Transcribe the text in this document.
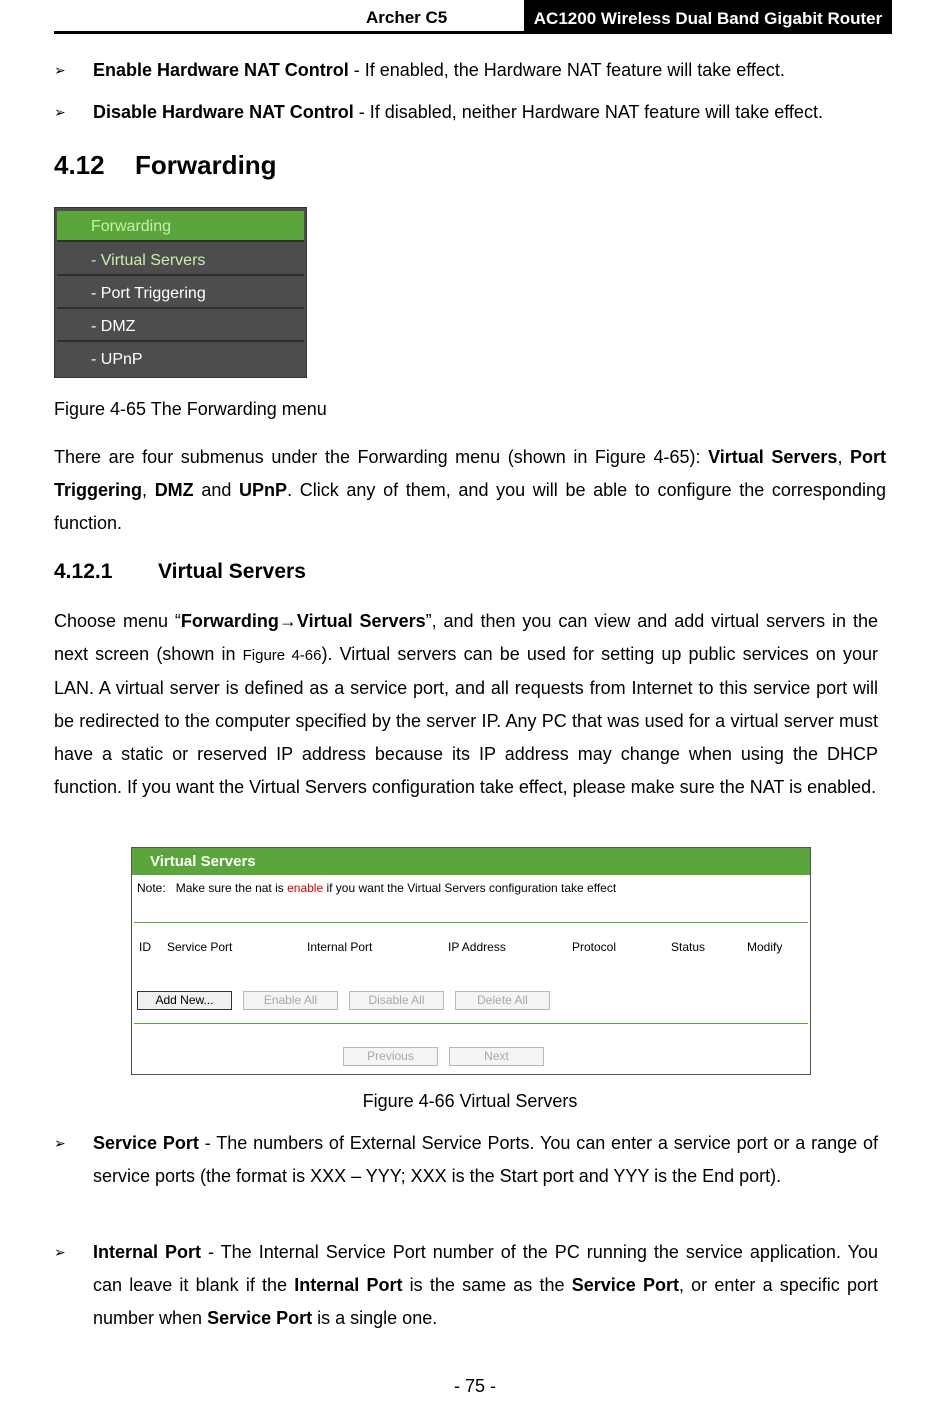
Archer C5	AC1200 Wireless Dual Band Gigabit Router
➢ Enable Hardware NAT Control - If enabled, the Hardware NAT feature will take effect.
➢ Disable Hardware NAT Control - If disabled, neither Hardware NAT feature will take effect.
4.12 Forwarding
Forwarding
- Virtual Servers
- Port Triggering
- DMZ
- UPnP
Figure 4-65 The Forwarding menu
There are four submenus under the Forwarding menu (shown in Figure 4-65): Virtual Servers, Port Triggering, DMZ and UPnP. Click any of them, and you will be able to configure the corresponding function.
4.12.1 Virtual Servers
Choose menu “Forwarding→Virtual Servers”, and then you can view and add virtual servers in the next screen (shown in Figure 4-66). Virtual servers can be used for setting up public services on your LAN. A virtual server is defined as a service port, and all requests from Internet to this service port will be redirected to the computer specified by the server IP. Any PC that was used for a virtual server must have a static or reserved IP address because its IP address may change when using the DHCP function. If you want the Virtual Servers configuration take effect, please make sure the NAT is enabled.
Virtual Servers
Note: Make sure the nat is enable if you want the Virtual Servers configuration take effect
ID Service Port	Internal Port	IP Address	Protocol	Status	Modify
Add New...	Enable All	Disable All	Delete All
Previous	Next
Figure 4-66 Virtual Servers
➢ Service Port - The numbers of External Service Ports. You can enter a service port or a range of service ports (the format is XXX – YYY; XXX is the Start port and YYY is the End port).
➢ Internal Port - The Internal Service Port number of the PC running the service application. You can leave it blank if the Internal Port is the same as the Service Port, or enter a specific port number when Service Port is a single one.
- 75 -
